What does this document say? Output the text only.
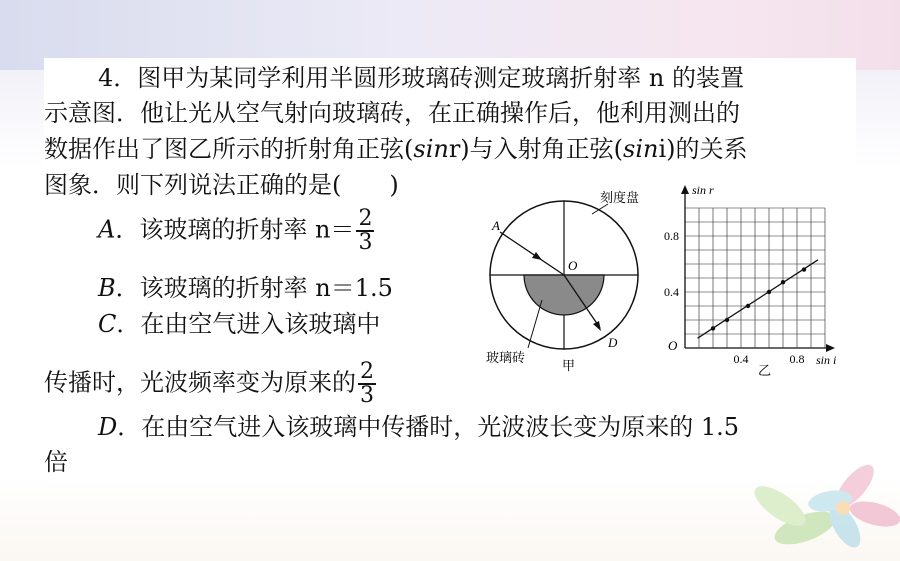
4．图甲为某同学利用半圆形玻璃砖测定玻璃折射率 n 的装置
示意图．他让光从空气射向玻璃砖，在正确操作后，他利用测出的
数据作出了图乙所示的折射角正弦(sinr)与入射角正弦(sini)的关系
图象．则下列说法正确的是(　　)
A．该玻璃的折射率 $n= \frac{2}{3}$
B．该玻璃的折射率 n＝1.5
C．在由空气进入该玻璃中
传播时，光波频率变为原来的 $\frac{2}{3}$
D．在由空气进入该玻璃中传播时，光波波长变为原来的 1.5
倍
A
O
D
刻度盘
玻璃砖
甲
sin r
sin i
O
0.8
0.4
0.4	0.8
乙
